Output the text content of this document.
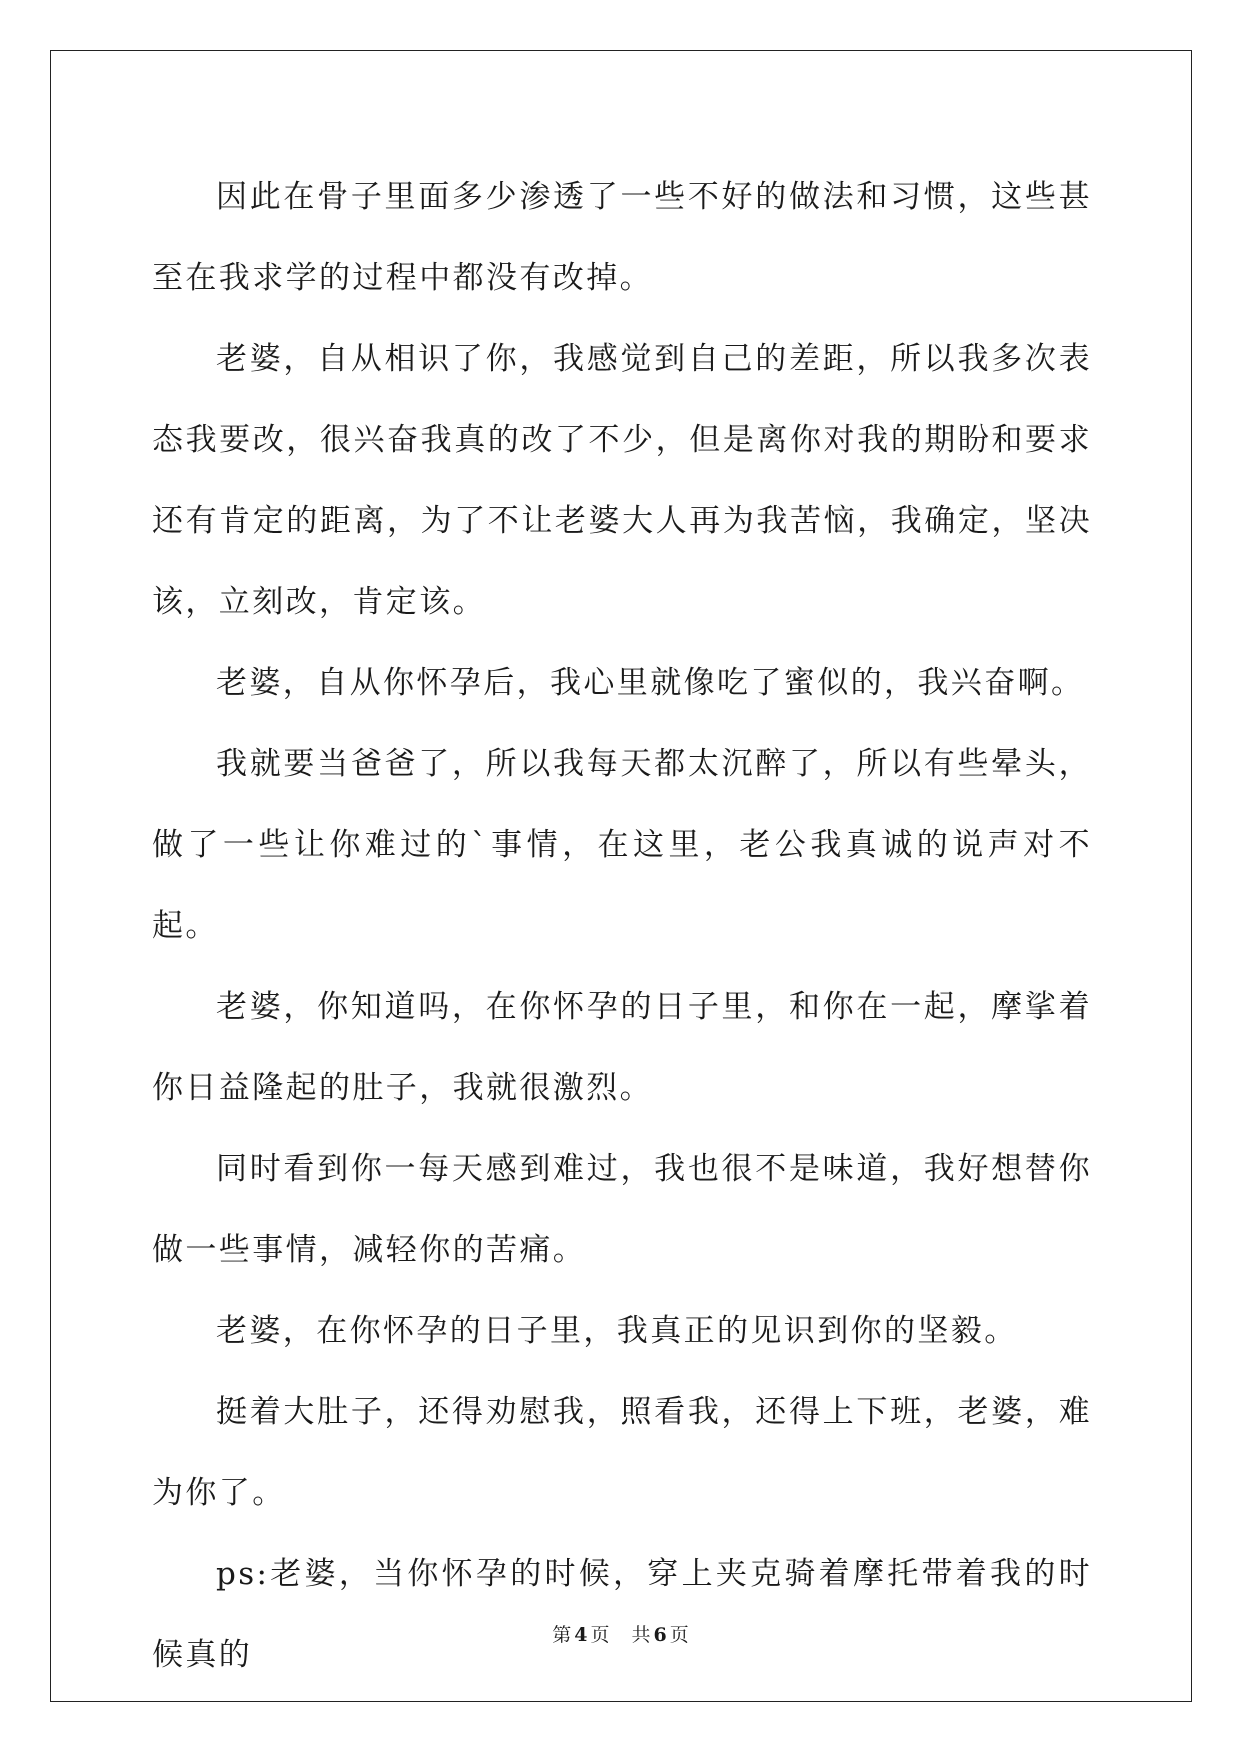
因此在骨子里面多少渗透了一些不好的做法和习惯，这些甚至在我求学的过程中都没有改掉。

老婆，自从相识了你，我感觉到自己的差距，所以我多次表态我要改，很兴奋我真的改了不少，但是离你对我的期盼和要求还有肯定的距离，为了不让老婆大人再为我苦恼，我确定，坚决该，立刻改，肯定该。

老婆，自从你怀孕后，我心里就像吃了蜜似的，我兴奋啊。

我就要当爸爸了，所以我每天都太沉醉了，所以有些晕头，做了一些让你难过的`事情，在这里，老公我真诚的说声对不起。

老婆，你知道吗，在你怀孕的日子里，和你在一起，摩挲着你日益隆起的肚子，我就很激烈。

同时看到你一每天感到难过，我也很不是味道，我好想替你做一些事情，减轻你的苦痛。

老婆，在你怀孕的日子里，我真正的见识到你的坚毅。

挺着大肚子，还得劝慰我，照看我，还得上下班，老婆，难为你了。

ps:老婆，当你怀孕的时候，穿上夹克骑着摩托带着我的时候真的

第 4 页 共 6 页
